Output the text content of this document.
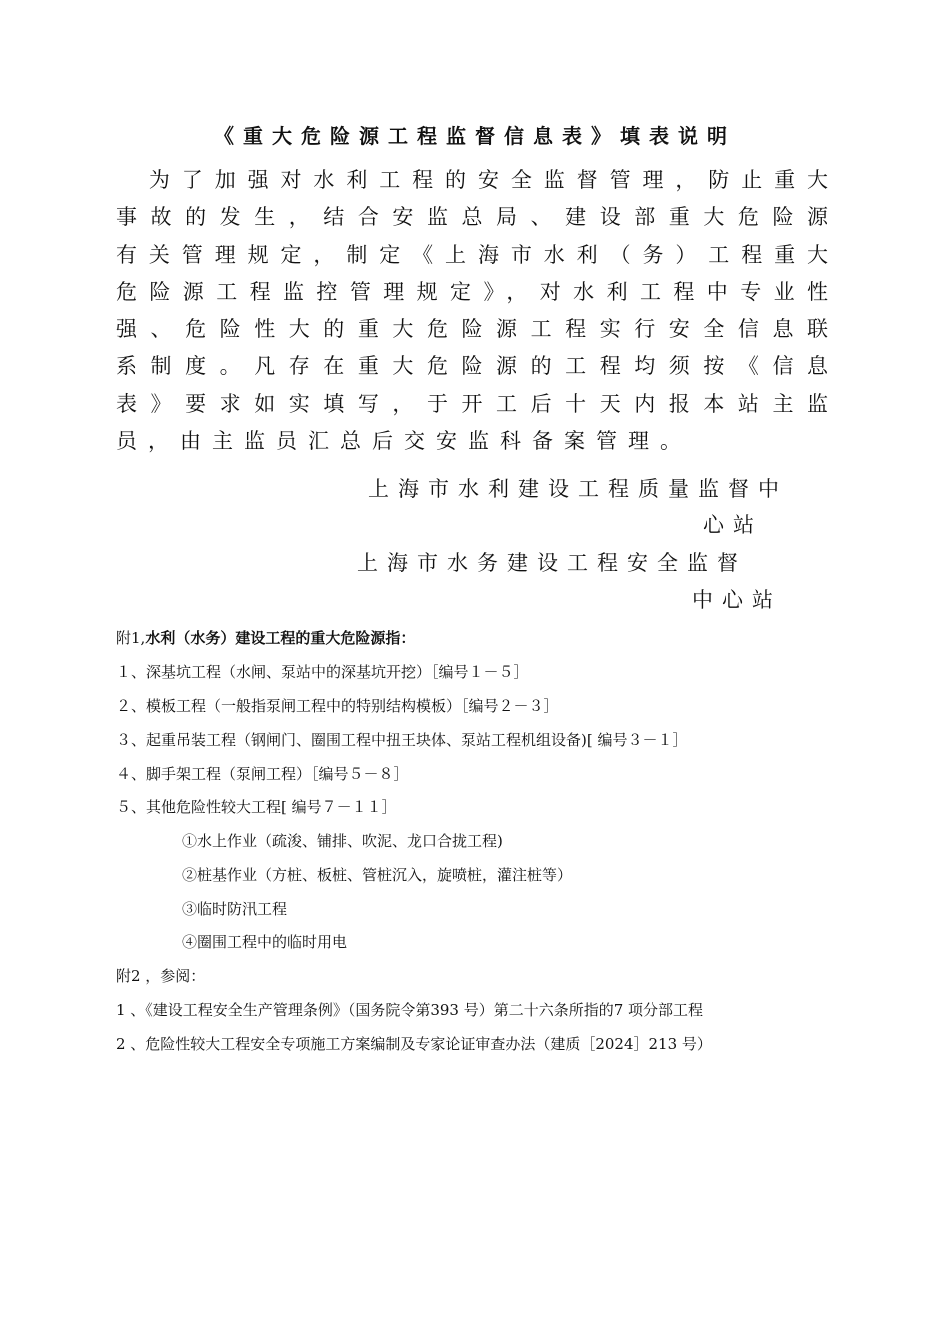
《重大危险源工程监督信息表》填表说明
　为了加强对水利工程的安全监督管理，防止重大
事故的发生，结合安监总局、建设部重大危险源
有关管理规定，制定《上海市水利（务）工程重大
危险源工程监控管理规定》，对水利工程中专业性
强、危险性大的重大危险源工程实行安全信息联
系制度。凡存在重大危险源的工程均须按《信息
表》要求如实填写，于开工后十天内报本站主监
员，由主监员汇总后交安监科备案管理。
上海市水利建设工程质量监督中
心站
上海市水务建设工程安全监督
中心站
附1,水利（水务）建设工程的重大危险源指：
１、深基坑工程（水闸、泵站中的深基坑开挖）［编号１－５］
２、模板工程（一般指泵闸工程中的特别结构模板）［编号２－３］
３、起重吊装工程（钢闸门、圈围工程中扭王块体、泵站工程机组设备)[ 编号３－１］
４、脚手架工程（泵闸工程）［编号５－８］
５、其他危险性较大工程[ 编号７－１１］
①水上作业（疏浚、铺排、吹泥、龙口合拢工程)
②桩基作业（方桩、板桩、管桩沉入，旋喷桩，灌注桩等）
③临时防汛工程
④圈围工程中的临时用电
附2 ，参阅：
1 、《建设工程安全生产管理条例》（国务院令第393 号）第二十六条所指的7 项分部工程
2 、危险性较大工程安全专项施工方案编制及专家论证审查办法（建质［2024］213 号）
